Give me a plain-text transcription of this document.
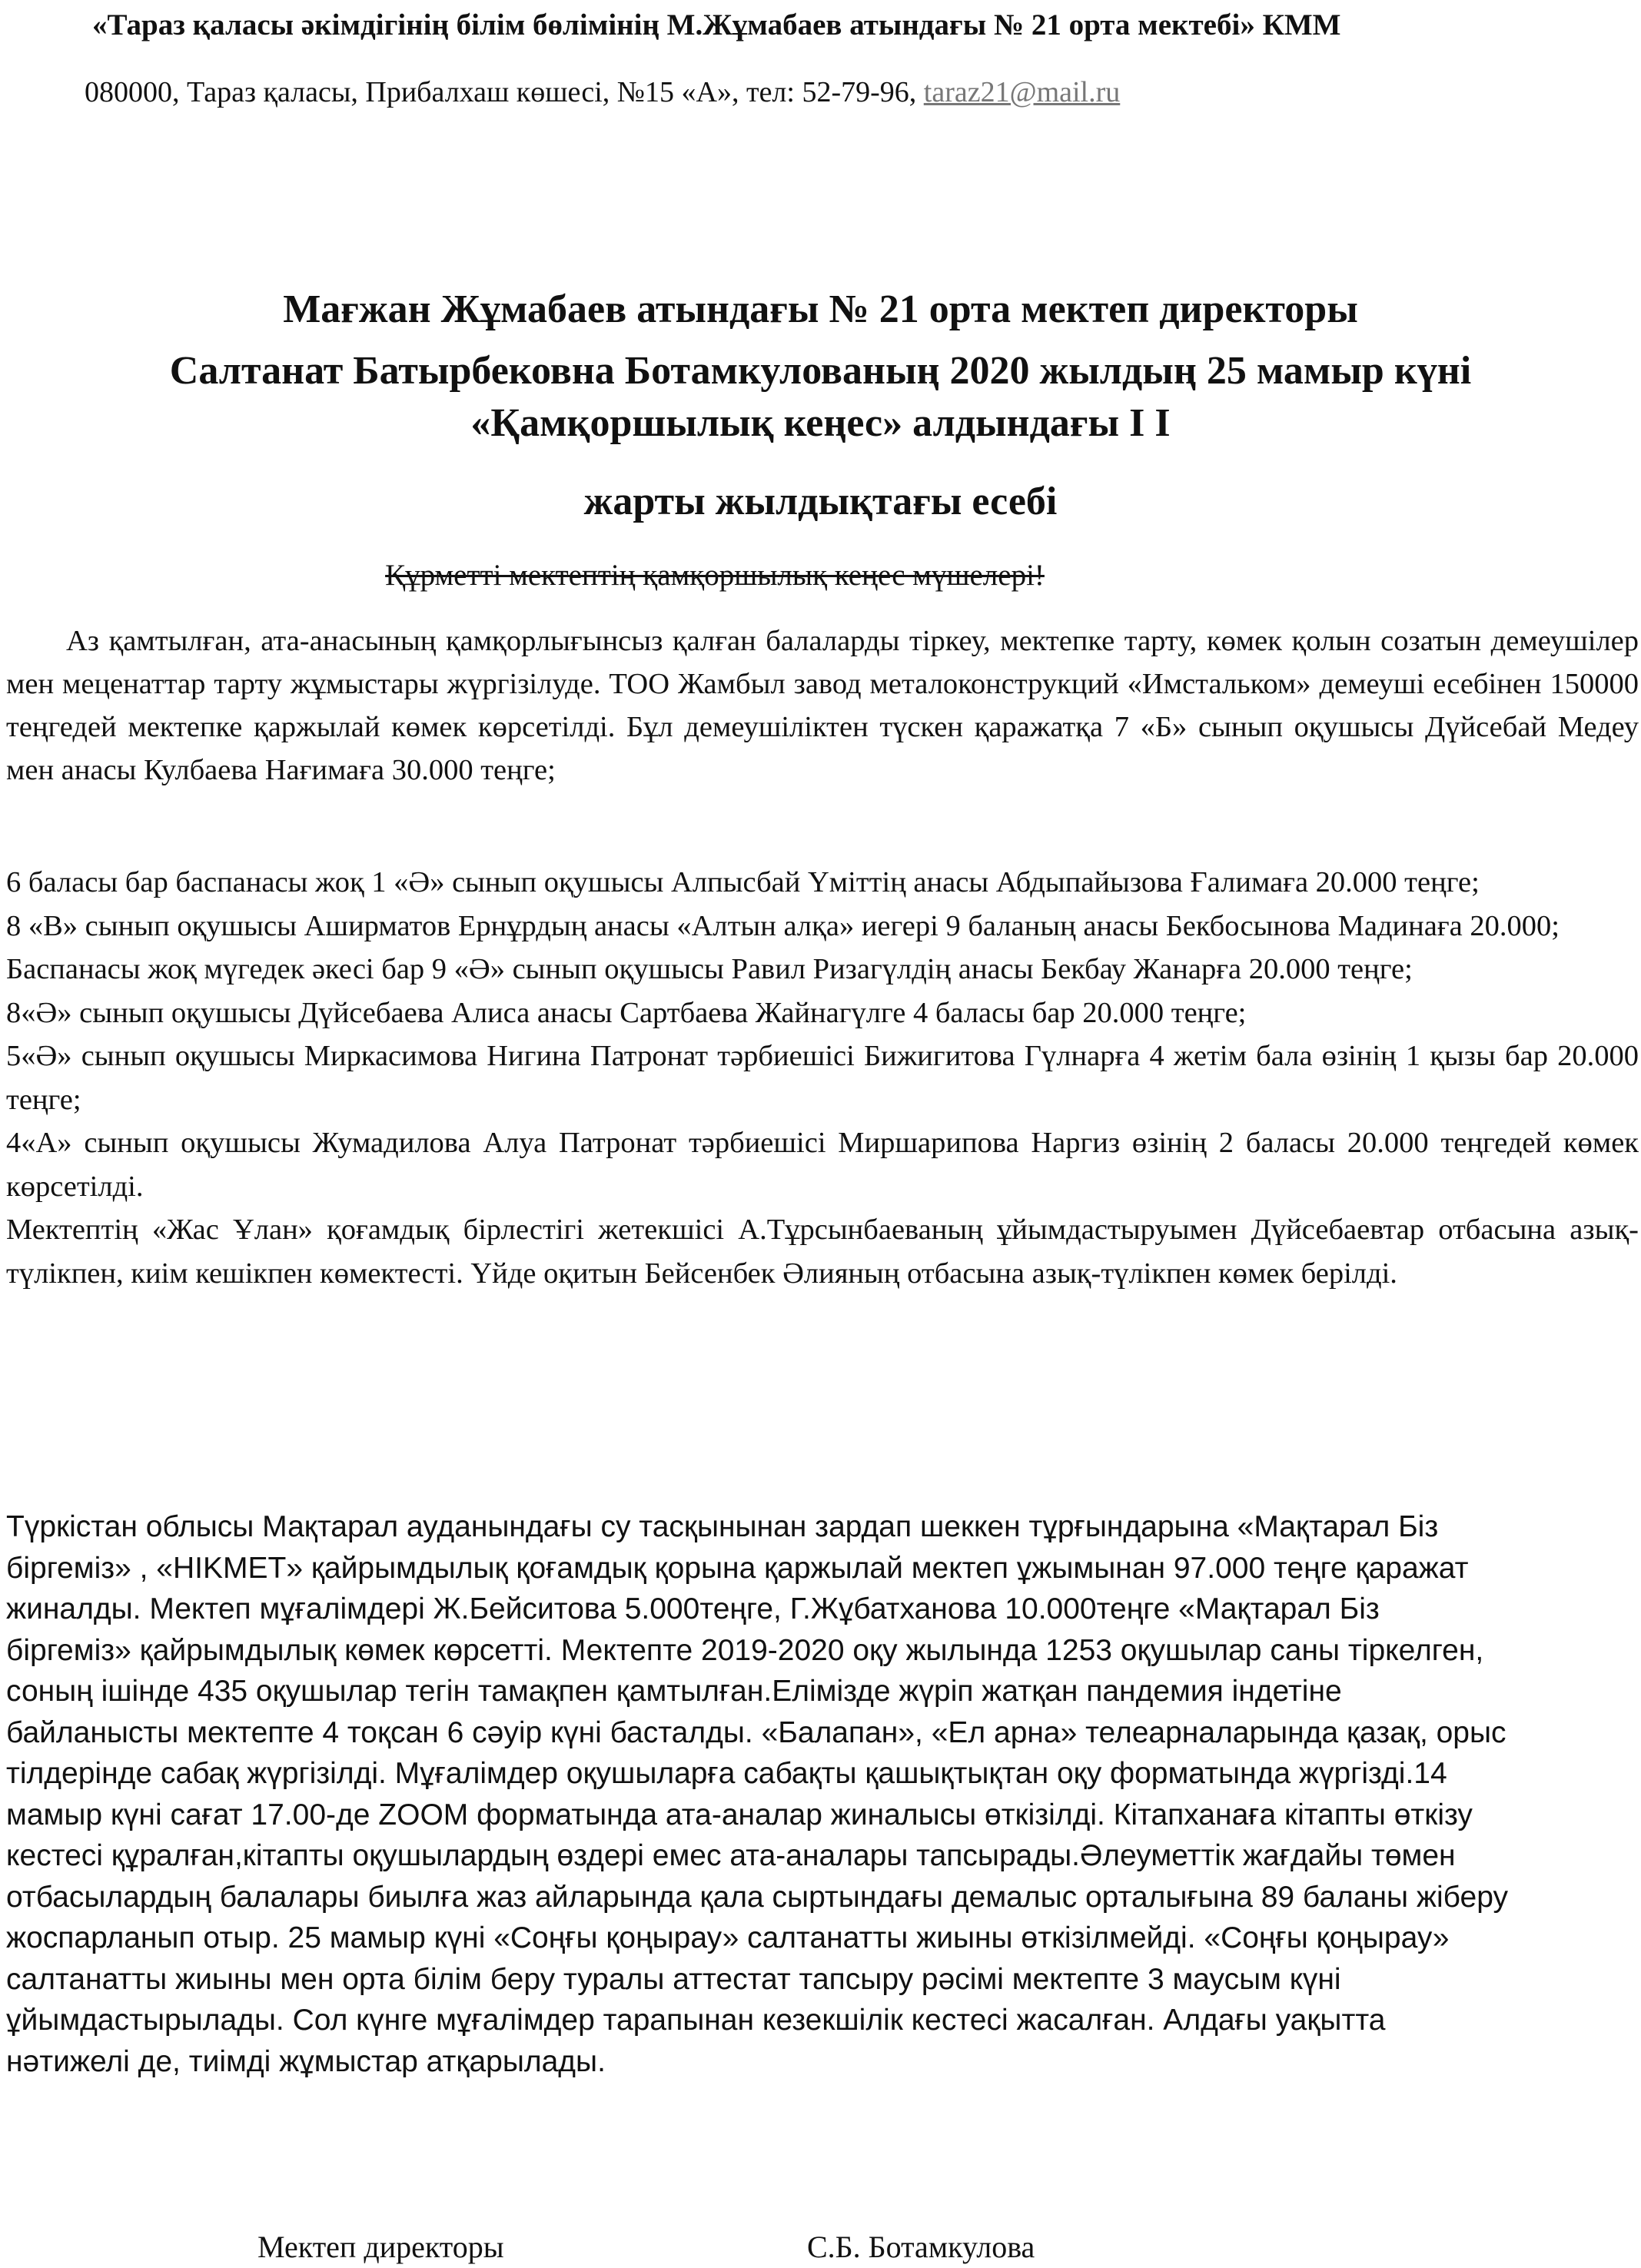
«Тараз қаласы әкімдігінің білім бөлімінің М.Жұмабаев атындағы № 21 орта мектебі» КММ
080000, Тараз қаласы, Прибалхаш көшесі, №15 «А», тел: 52-79-96, taraz21@mail.ru
Мағжан Жұмабаев атындағы № 21 орта мектеп директоры
Салтанат Батырбековна Ботамкулованың 2020 жылдың 25 мамыр күні
«Қамқоршылық кеңес» алдындағы І І
жарты жылдықтағы есебі
Құрметті мектептің қамқоршылық кеңес мүшелері!

Аз қамтылған, ата-анасының қамқорлығынсыз қалған балаларды тіркеу, мектепке тарту, көмек қолын созатын демеушілер мен меценаттар тарту жұмыстары жүргізілуде. ТОО Жамбыл завод металоконструкций «Имстальком» демеуші есебінен 150000 теңгедей мектепке қаржылай көмек көрсетілді. Бұл демеушіліктен түскен қаражатқа 7 «Б» сынып оқушысы Дүйсебай Медеу мен анасы Кулбаева Нағимаға 30.000 теңге;

6 баласы бар баспанасы жоқ 1 «Ә» сынып оқушысы Алпысбай Үміттің анасы Абдыпайызова Ғалимаға 20.000 теңге;

8 «В» сынып оқушысы Аширматов Ернұрдың анасы «Алтын алқа» иегері 9 баланың анасы Бекбосынова Мадинаға 20.000;

Баспанасы жоқ мүгедек әкесі бар 9 «Ә» сынып оқушысы Равил Ризагүлдің анасы Бекбау Жанарға 20.000 теңге;

8«Ә» сынып оқушысы Дүйсебаева Алиса анасы Сартбаева Жайнагүлге 4 баласы бар 20.000 теңге;

5«Ә» сынып оқушысы Миркасимова Нигина Патронат тәрбиешісі Бижигитова Гүлнарға 4 жетім бала өзінің 1 қызы бар 20.000 теңге;

4«А» сынып оқушысы Жумадилова Алуа Патронат тәрбиешісі Миршарипова Наргиз өзінің 2 баласы 20.000 теңгедей көмек көрсетілді.

Мектептің «Жас Ұлан» қоғамдық бірлестігі жетекшісі А.Тұрсынбаеваның ұйымдастыруымен Дүйсебаевтар отбасына азық-түлікпен, киім кешікпен көмектесті. Үйде оқитын Бейсенбек Әлияның отбасына азық-түлікпен көмек берілді.

Түркістан облысы Мақтарал ауданындағы су тасқынынан зардап шеккен тұрғындарына «Мақтарал Біз

біргеміз» , «HIKMET» қайрымдылық қоғамдық қорына қаржылай мектеп ұжымынан 97.000 теңге қаражат

жиналды. Мектеп мұғалімдері Ж.Бейситова 5.000теңге, Г.Жұбатханова 10.000теңге «Мақтарал Біз

біргеміз» қайрымдылық көмек көрсетті. Мектепте 2019-2020 оқу жылында 1253 оқушылар саны тіркелген,

соның ішінде 435 оқушылар тегін тамақпен қамтылған.Елімізде жүріп жатқан пандемия індетіне

байланысты мектепте 4 тоқсан 6 сәуір күні басталды. «Балапан», «Ел арна» телеарналарында қазақ, орыс

тілдерінде сабақ жүргізілді. Мұғалімдер оқушыларға сабақты қашықтықтан оқу форматында жүргізді.14

мамыр күні сағат 17.00-де ZOOM форматында ата-аналар жиналысы өткізілді. Кітапханаға кітапты өткізу

кестесі құралған,кітапты оқушылардың өздері емес ата-аналары тапсырады.Әлеуметтік жағдайы төмен

отбасылардың балалары биылға жаз айларында қала сыртындағы демалыс орталығына 89 баланы жіберу

жоспарланып отыр. 25 мамыр күні «Соңғы қоңырау» салтанатты жиыны өткізілмейді. «Соңғы қоңырау»

салтанатты жиыны мен орта білім беру туралы аттестат тапсыру рәсімі мектепте 3 маусым күні

ұйымдастырылады. Сол күнге мұғалімдер тарапынан кезекшілік кестесі жасалған. Алдағы уақытта

нәтижелі де, тиімді жұмыстар атқарылады.

Мектеп директоры	С.Б. Ботамкулова
